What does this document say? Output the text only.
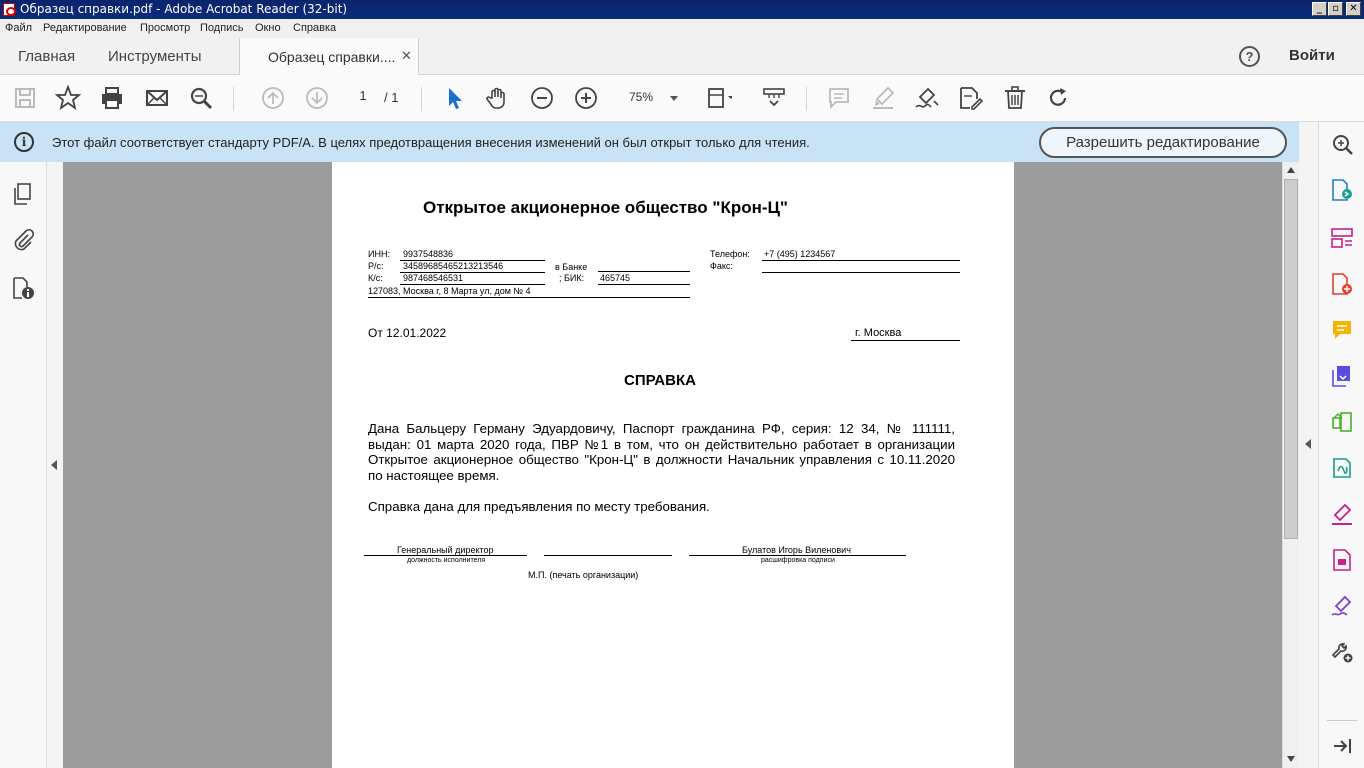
Образец справки.pdf - Adobe Acrobat Reader (32-bit)	_	▫	✕
Файл Редактирование Просмотр Подпись Окно Справка
Главная Инструменты	Образец справки.... ✕	?	Войти
1	/ 1	75%
i	Этот файл соответствует стандарту PDF/A. В целях предотвращения внесения изменений он был открыт только для чтения.	Разрешить редактирование
Открытое акционерное общество "Крон-Ц"
ИНН: 9937548836
Р/с: 34589685465213213546	в Банке
К/с: 987468546531	; БИК: 465745
127083, Москва г, 8 Марта ул, дом № 4
Телефон: +7 (495) 1234567
Факс:
От 12.01.2022	г. Москва
СПРАВКА
Дана Бальцеру Герману Эдуардовичу, Паспорт гражданина РФ, серия: 12 34, № 111111, выдан: 01 марта 2020 года, ПВР №1 в том, что он действительно работает в организации Открытое акционерное общество "Крон-Ц" в должности Начальник управления с 10.11.2020 по настоящее время.
Справка дана для предъявления по месту требования.
Генеральный директор
должность исполнителя
Булатов Игорь Виленович
расшифровка подписи
М.П. (печать организации)
